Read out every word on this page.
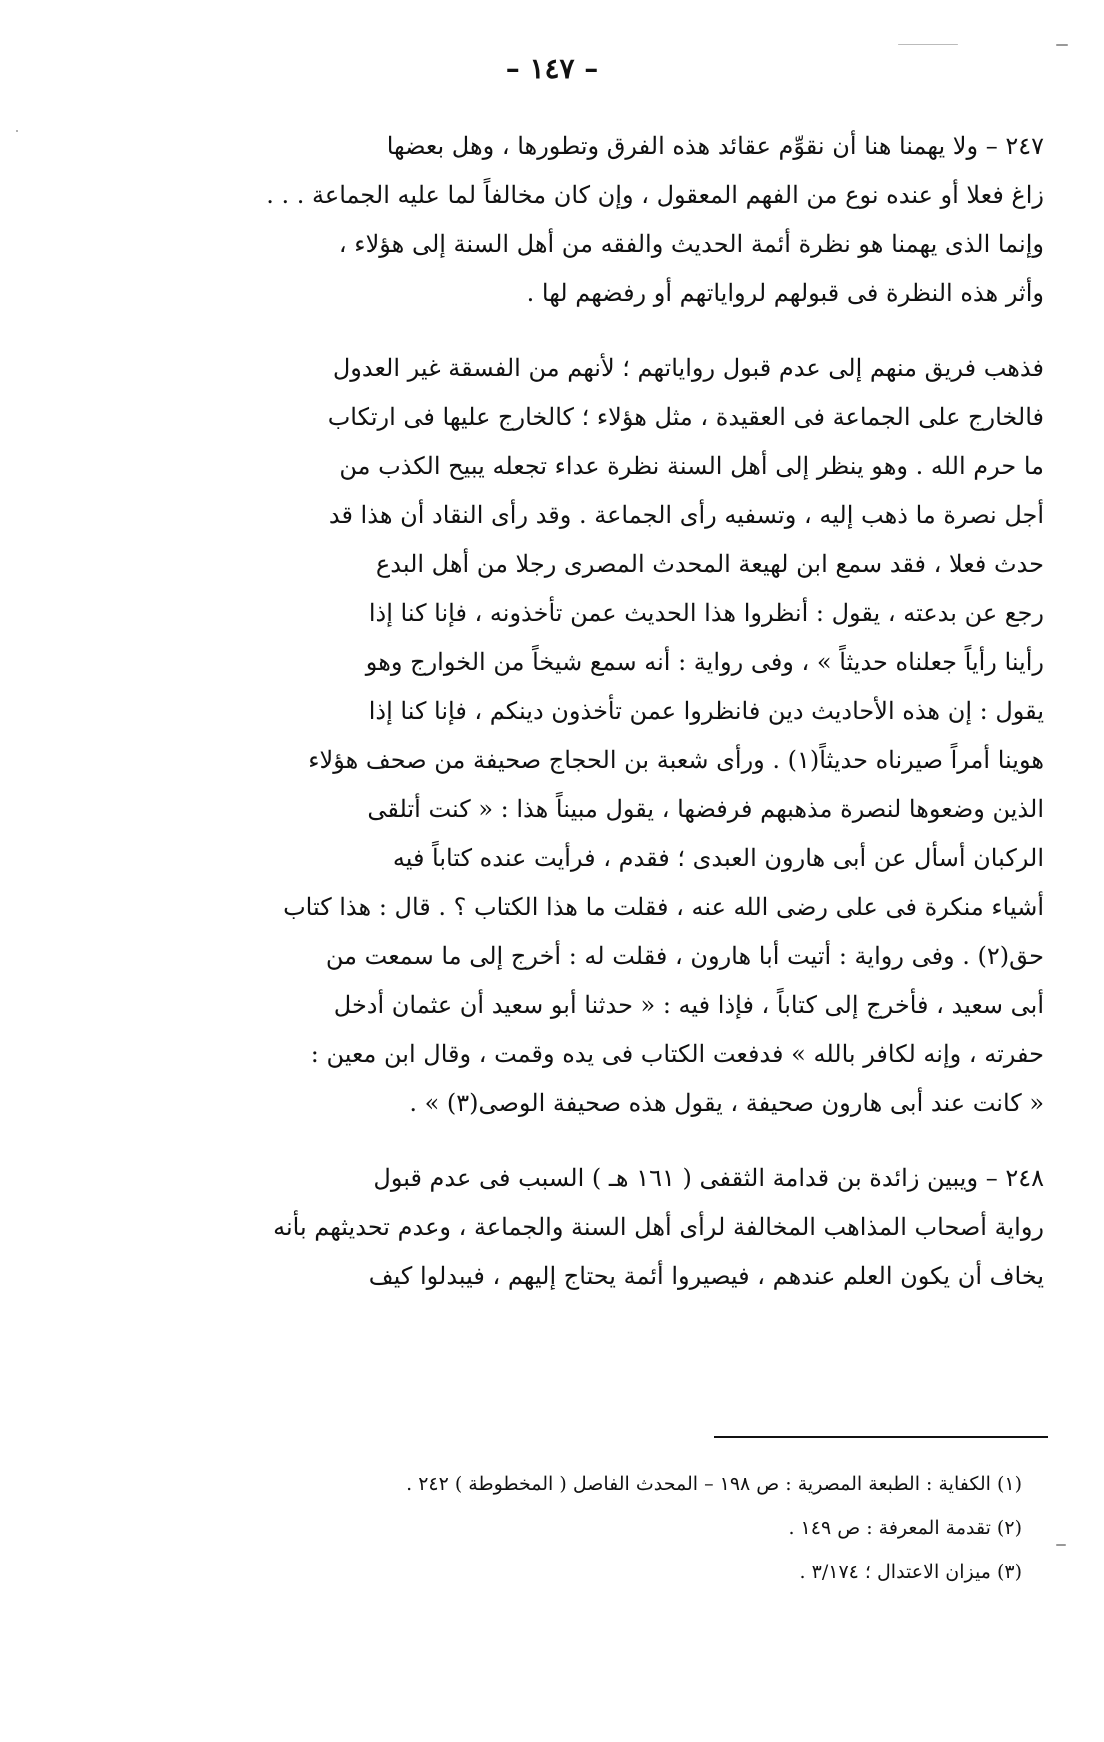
– ١٤٧ –
٢٤٧ – ولا يهمنا هنا أن نقوِّم عقائد هذه الفرق وتطورها ، وهل بعضها
زاغ فعلا أو عنده نوع من الفهم المعقول ، وإن كان مخالفاً لما عليه الجماعة . . .
وإنما الذى يهمنا هو نظرة أئمة الحديث والفقه من أهل السنة إلى هؤلاء ،
وأثر هذه النظرة فى قبولهم لرواياتهم أو رفضهم لها .
فذهب فريق منهم إلى عدم قبول رواياتهم ؛ لأنهم من الفسقة غير العدول
فالخارج على الجماعة فى العقيدة ، مثل هؤلاء ؛ كالخارج عليها فى ارتكاب
ما حرم الله . وهو ينظر إلى أهل السنة نظرة عداء تجعله يبيح الكذب من
أجل نصرة ما ذهب إليه ، وتسفيه رأى الجماعة . وقد رأى النقاد أن هذا قد
حدث فعلا ، فقد سمع ابن لهيعة المحدث المصرى رجلا من أهل البدع
رجع عن بدعته ، يقول : أنظروا هذا الحديث عمن تأخذونه ، فإنا كنا إذا
رأينا رأياً جعلناه حديثاً » ، وفى رواية : أنه سمع شيخاً من الخوارج وهو
يقول : إن هذه الأحاديث دين فانظروا عمن تأخذون دينكم ، فإنا كنا إذا
هوينا أمراً صيرناه حديثاً(١) . ورأى شعبة بن الحجاج صحيفة من صحف هؤلاء
الذين وضعوها لنصرة مذهبهم فرفضها ، يقول مبيناً هذا : « كنت أتلقى
الركبان أسأل عن أبى هارون العبدى ؛ فقدم ، فرأيت عنده كتاباً فيه
أشياء منكرة فى على رضى الله عنه ، فقلت ما هذا الكتاب ؟ . قال : هذا كتاب
حق(٢) . وفى رواية : أتيت أبا هارون ، فقلت له : أخرج إلى ما سمعت من
أبى سعيد ، فأخرج إلى كتاباً ، فإذا فيه : « حدثنا أبو سعيد أن عثمان أدخل
حفرته ، وإنه لكافر بالله » فدفعت الكتاب فى يده وقمت ، وقال ابن معين :
« كانت عند أبى هارون صحيفة ، يقول هذه صحيفة الوصى(٣) » .
٢٤٨ – ويبين زائدة بن قدامة الثقفى ( ١٦١ هـ ) السبب فى عدم قبول
رواية أصحاب المذاهب المخالفة لرأى أهل السنة والجماعة ، وعدم تحديثهم بأنه
يخاف أن يكون العلم عندهم ، فيصيروا أئمة يحتاج إليهم ، فيبدلوا كيف
(١) الكفاية : الطبعة المصرية : ص ١٩٨ – المحدث الفاصل ( المخطوطة ) ٢٤٢ .
(٢) تقدمة المعرفة : ص ١٤٩ .
(٣) ميزان الاعتدال ؛ ٣/١٧٤ .
